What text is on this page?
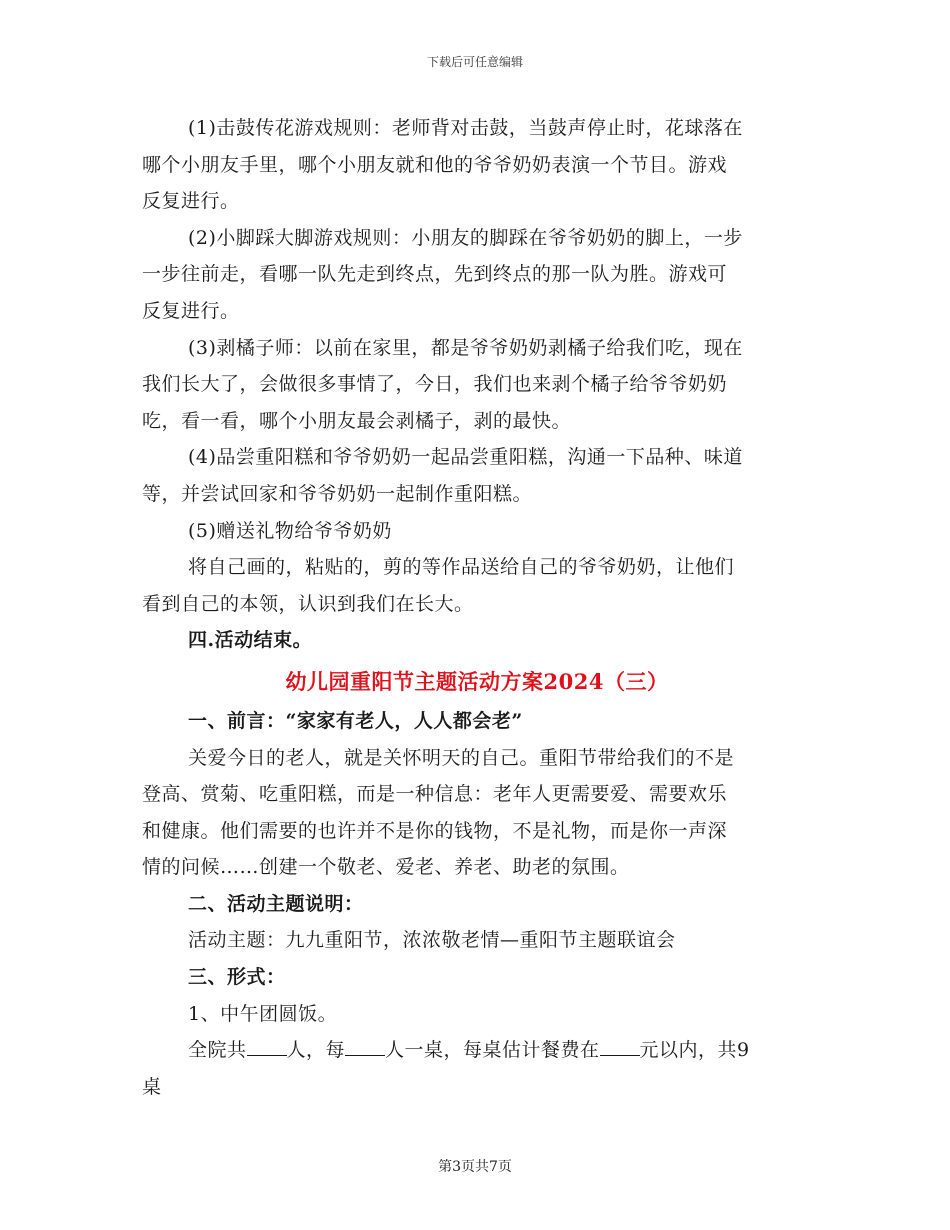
下载后可任意编辑
(1)击鼓传花游戏规则：老师背对击鼓，当鼓声停止时，花球落在
哪个小朋友手里，哪个小朋友就和他的爷爷奶奶表演一个节目。游戏
反复进行。
(2)小脚踩大脚游戏规则：小朋友的脚踩在爷爷奶奶的脚上，一步
一步往前走，看哪一队先走到终点，先到终点的那一队为胜。游戏可
反复进行。
(3)剥橘子师：以前在家里，都是爷爷奶奶剥橘子给我们吃，现在
我们长大了，会做很多事情了，今日，我们也来剥个橘子给爷爷奶奶
吃，看一看，哪个小朋友最会剥橘子，剥的最快。
(4)品尝重阳糕和爷爷奶奶一起品尝重阳糕，沟通一下品种、味道
等，并尝试回家和爷爷奶奶一起制作重阳糕。
(5)赠送礼物给爷爷奶奶
将自己画的，粘贴的，剪的等作品送给自己的爷爷奶奶，让他们
看到自己的本领，认识到我们在长大。
四.活动结束。
幼儿园重阳节主题活动方案2024（三）
一、前言：“家家有老人，人人都会老”
关爱今日的老人，就是关怀明天的自己。重阳节带给我们的不是
登高、赏菊、吃重阳糕，而是一种信息：老年人更需要爱、需要欢乐
和健康。他们需要的也许并不是你的钱物，不是礼物，而是你一声深
情的问候……创建一个敬老、爱老、养老、助老的氛围。
二、活动主题说明：
活动主题：九九重阳节，浓浓敬老情—重阳节主题联谊会
三、形式：
1、中午团圆饭。
全院共 人，每 人一桌，每桌估计餐费在 元以内，共9
桌
第3页共7页
